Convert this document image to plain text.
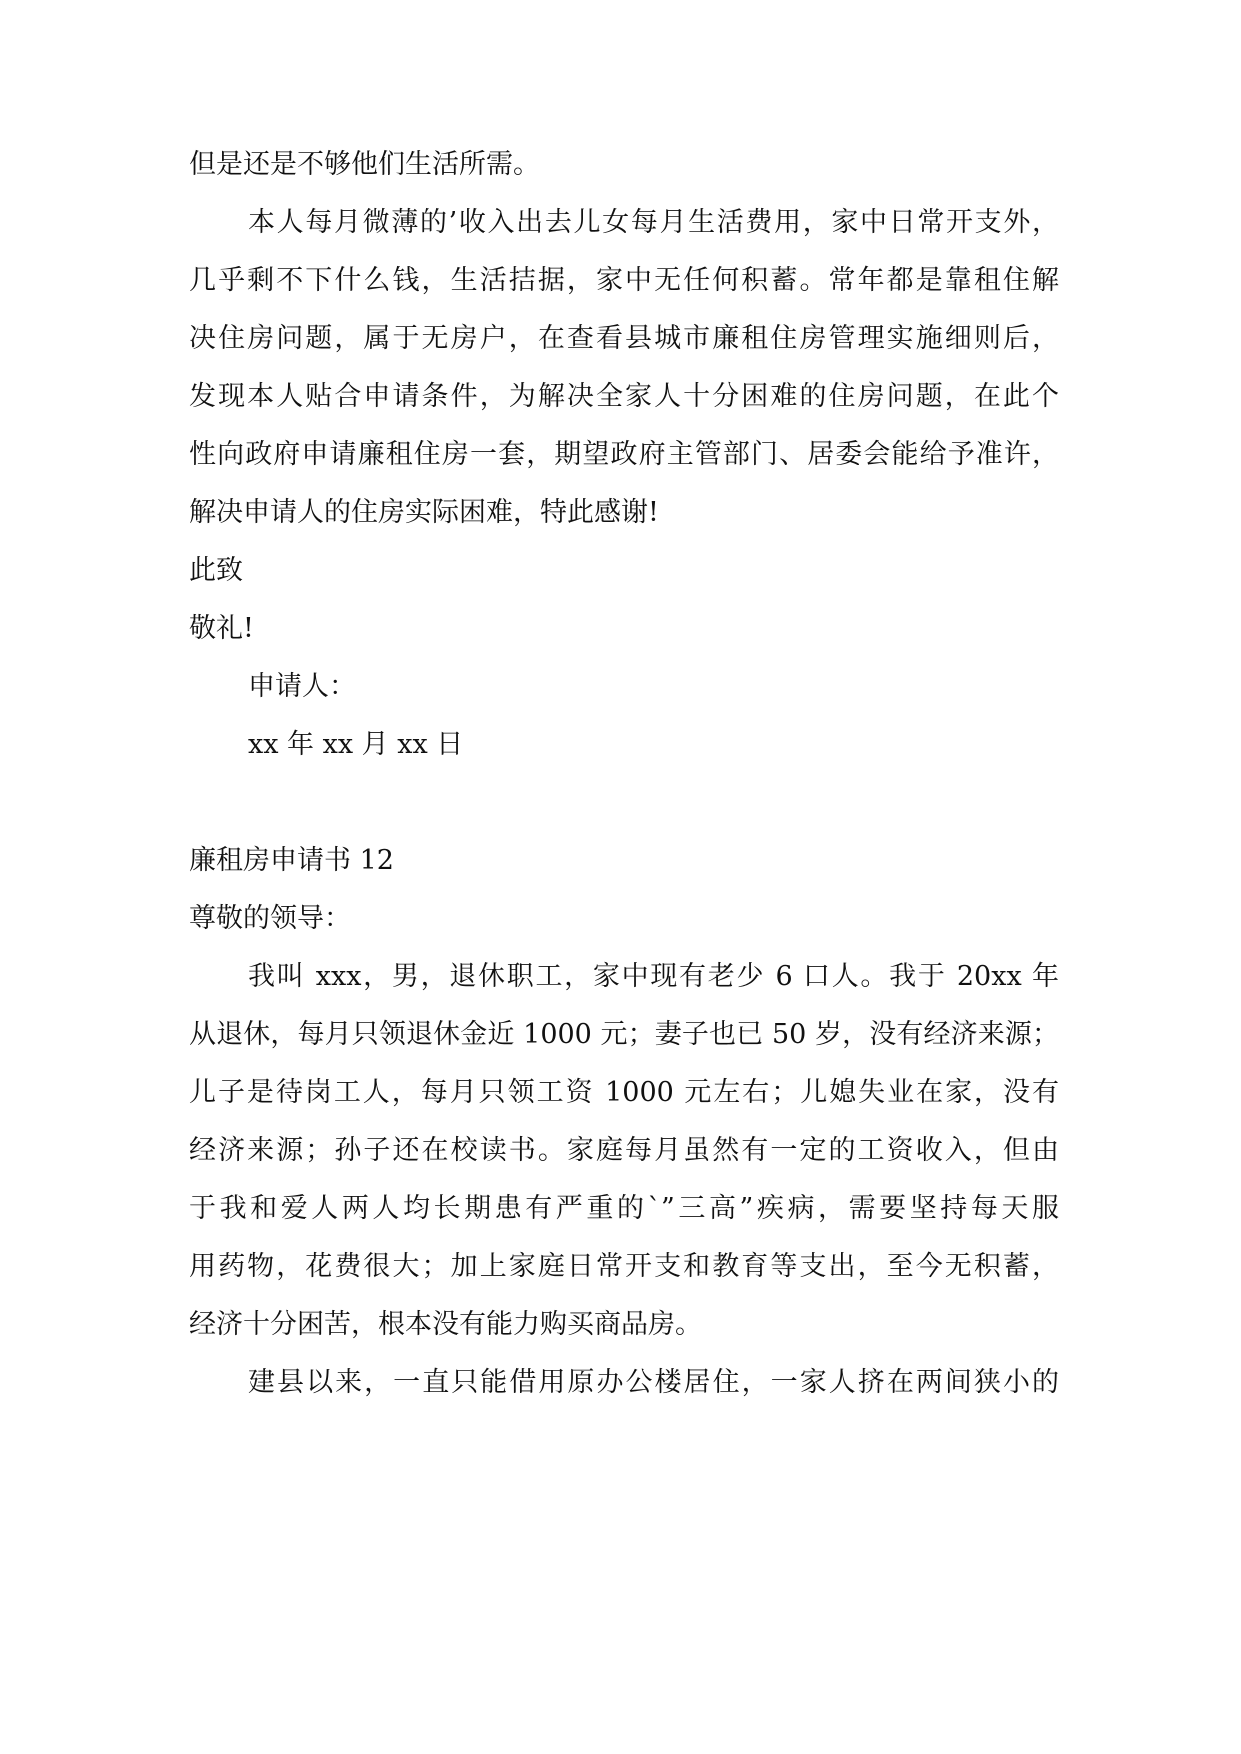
但是还是不够他们生活所需。
本人每月微薄的’收入出去儿女每月生活费用，家中日常开支外，
几乎剩不下什么钱，生活拮据，家中无任何积蓄。常年都是靠租住解
决住房问题，属于无房户，在查看县城市廉租住房管理实施细则后，
发现本人贴合申请条件，为解决全家人十分困难的住房问题，在此个
性向政府申请廉租住房一套，期望政府主管部门、居委会能给予准许，
解决申请人的住房实际困难，特此感谢!
此致
敬礼!
申请人：
xx 年 xx 月 xx 日
廉租房申请书 12
尊敬的领导：
我叫 xxx，男，退休职工，家中现有老少 6 口人。我于 20xx 年
从退休，每月只领退休金近 1000 元；妻子也已 50 岁，没有经济来源；
儿子是待岗工人，每月只领工资 1000 元左右；儿媳失业在家，没有
经济来源；孙子还在校读书。家庭每月虽然有一定的工资收入，但由
于我和爱人两人均长期患有严重的`”三高”疾病，需要坚持每天服
用药物，花费很大；加上家庭日常开支和教育等支出，至今无积蓄，
经济十分困苦，根本没有能力购买商品房。
建县以来，一直只能借用原办公楼居住，一家人挤在两间狭小的
